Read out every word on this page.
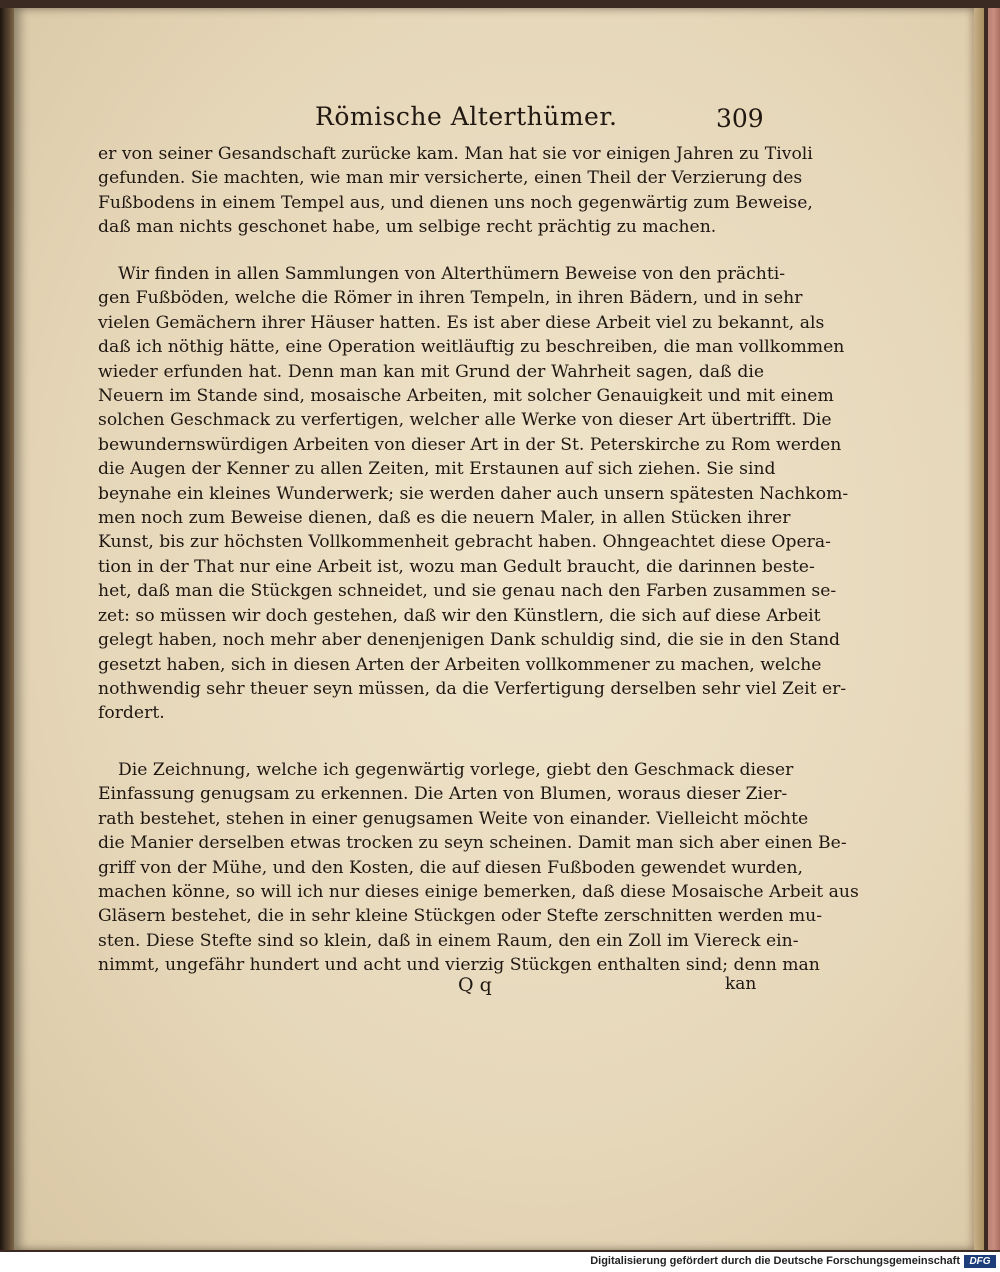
Römische Alterthümer.	309
er von seiner Gesandschaft zurücke kam. Man hat sie vor einigen Jahren zu Tivoli
gefunden. Sie machten, wie man mir versicherte, einen Theil der Verzierung des
Fußbodens in einem Tempel aus, und dienen uns noch gegenwärtig zum Beweise,
daß man nichts geschonet habe, um selbige recht prächtig zu machen.
Wir finden in allen Sammlungen von Alterthümern Beweise von den prächti-
gen Fußböden, welche die Römer in ihren Tempeln, in ihren Bädern, und in sehr
vielen Gemächern ihrer Häuser hatten. Es ist aber diese Arbeit viel zu bekannt, als
daß ich nöthig hätte, eine Operation weitläuftig zu beschreiben, die man vollkommen
wieder erfunden hat. Denn man kan mit Grund der Wahrheit sagen, daß die
Neuern im Stande sind, mosaische Arbeiten, mit solcher Genauigkeit und mit einem
solchen Geschmack zu verfertigen, welcher alle Werke von dieser Art übertrifft. Die
bewundernswürdigen Arbeiten von dieser Art in der St. Peterskirche zu Rom werden
die Augen der Kenner zu allen Zeiten, mit Erstaunen auf sich ziehen. Sie sind
beynahe ein kleines Wunderwerk; sie werden daher auch unsern spätesten Nachkom-
men noch zum Beweise dienen, daß es die neuern Maler, in allen Stücken ihrer
Kunst, bis zur höchsten Vollkommenheit gebracht haben. Ohngeachtet diese Opera-
tion in der That nur eine Arbeit ist, wozu man Gedult braucht, die darinnen beste-
het, daß man die Stückgen schneidet, und sie genau nach den Farben zusammen se-
zet: so müssen wir doch gestehen, daß wir den Künstlern, die sich auf diese Arbeit
gelegt haben, noch mehr aber denenjenigen Dank schuldig sind, die sie in den Stand
gesetzt haben, sich in diesen Arten der Arbeiten vollkommener zu machen, welche
nothwendig sehr theuer seyn müssen, da die Verfertigung derselben sehr viel Zeit er-
fordert.
Die Zeichnung, welche ich gegenwärtig vorlege, giebt den Geschmack dieser
Einfassung genugsam zu erkennen. Die Arten von Blumen, woraus dieser Zier-
rath bestehet, stehen in einer genugsamen Weite von einander. Vielleicht möchte
die Manier derselben etwas trocken zu seyn scheinen. Damit man sich aber einen Be-
griff von der Mühe, und den Kosten, die auf diesen Fußboden gewendet wurden,
machen könne, so will ich nur dieses einige bemerken, daß diese Mosaische Arbeit aus
Gläsern bestehet, die in sehr kleine Stückgen oder Stefte zerschnitten werden mu-
sten. Diese Stefte sind so klein, daß in einem Raum, den ein Zoll im Viereck ein-
nimmt, ungefähr hundert und acht und vierzig Stückgen enthalten sind; denn man
Q q	kan
Digitalisierung gefördert durch die Deutsche Forschungsgemeinschaft DFG
